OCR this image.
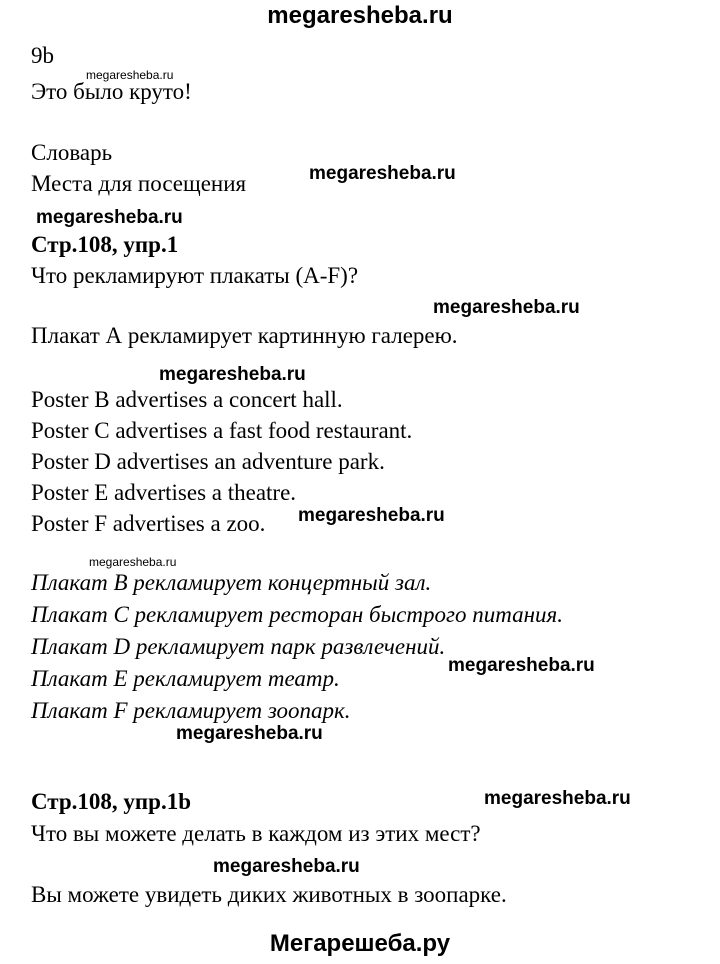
megaresheba.ru
9b
Это было круто!
Словарь
Места для посещения
Стр.108, упр.1
Что рекламируют плакаты (A-F)?
Плакат А рекламирует картинную галерею.
Poster B advertises a concert hall.
Poster C advertises a fast food restaurant.
Poster D advertises an adventure park.
Poster E advertises a theatre.
Poster F advertises a zoo.
Плакат B рекламирует концертный зал.
Плакат C рекламирует ресторан быстрого питания.
Плакат D рекламирует парк развлечений.
Плакат E рекламирует театр.
Плакат F рекламирует зоопарк.
Стр.108, упр.1b
Что вы можете делать в каждом из этих мест?
Вы можете увидеть диких животных в зоопарке.
megaresheba.ru
megaresheba.ru
megaresheba.ru
megaresheba.ru
megaresheba.ru
megaresheba.ru
megaresheba.ru
megaresheba.ru
megaresheba.ru
megaresheba.ru
megaresheba.ru
Мегарешеба.ру
